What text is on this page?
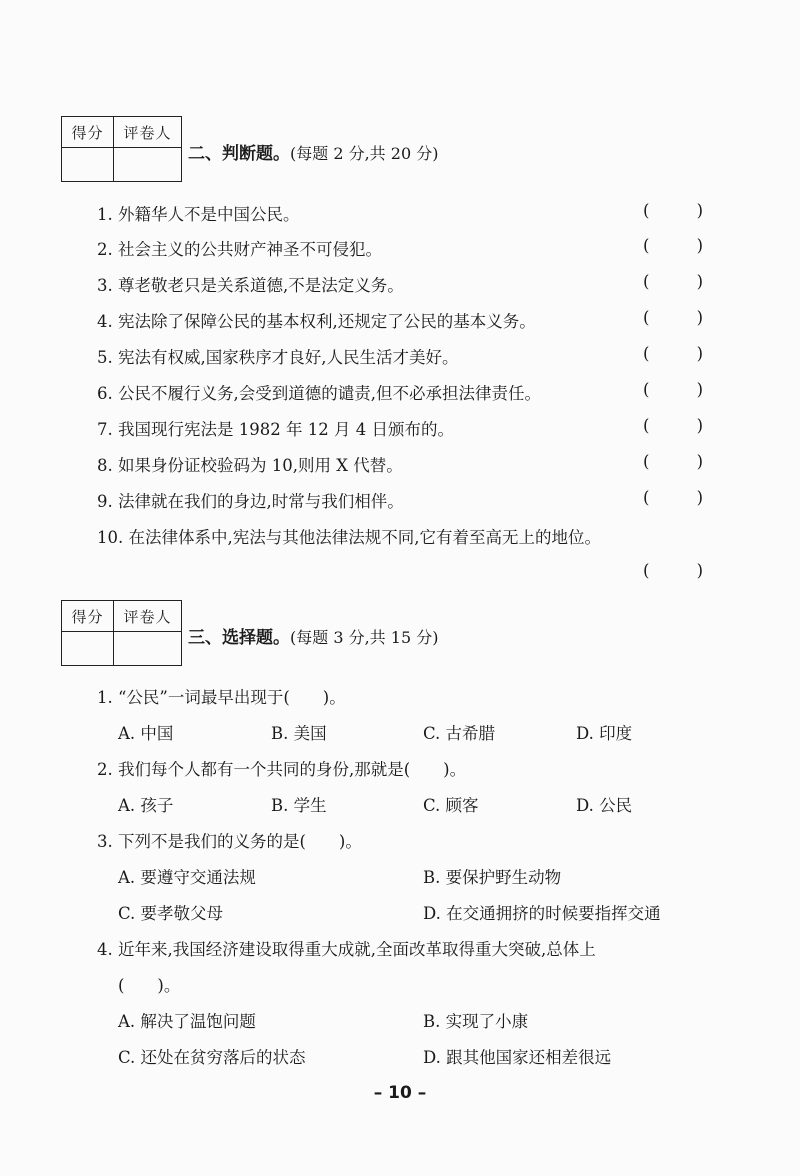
得分	评卷人
二、判断题。(每题 2 分,共 20 分)
1. 外籍华人不是中国公民。	(	)
2. 社会主义的公共财产神圣不可侵犯。	(	)
3. 尊老敬老只是关系道德,不是法定义务。	(	)
4. 宪法除了保障公民的基本权利,还规定了公民的基本义务。	(	)
5. 宪法有权威,国家秩序才良好,人民生活才美好。	(	)
6. 公民不履行义务,会受到道德的谴责,但不必承担法律责任。	(	)
7. 我国现行宪法是 1982 年 12 月 4 日颁布的。	(	)
8. 如果身份证校验码为 10,则用 X 代替。	(	)
9. 法律就在我们的身边,时常与我们相伴。	(	)
10. 在法律体系中,宪法与其他法律法规不同,它有着至高无上的地位。
(	)
得分	评卷人
三、选择题。(每题 3 分,共 15 分)
1. “公民”一词最早出现于(　　)。
A. 中国	B. 美国	C. 古希腊	D. 印度
2. 我们每个人都有一个共同的身份,那就是(　　)。
A. 孩子	B. 学生	C. 顾客	D. 公民
3. 下列不是我们的义务的是(　　)。
A. 要遵守交通法规	B. 要保护野生动物
C. 要孝敬父母	D. 在交通拥挤的时候要指挥交通
4. 近年来,我国经济建设取得重大成就,全面改革取得重大突破,总体上
(　　)。
A. 解决了温饱问题	B. 实现了小康
C. 还处在贫穷落后的状态	D. 跟其他国家还相差很远
– 10 –
